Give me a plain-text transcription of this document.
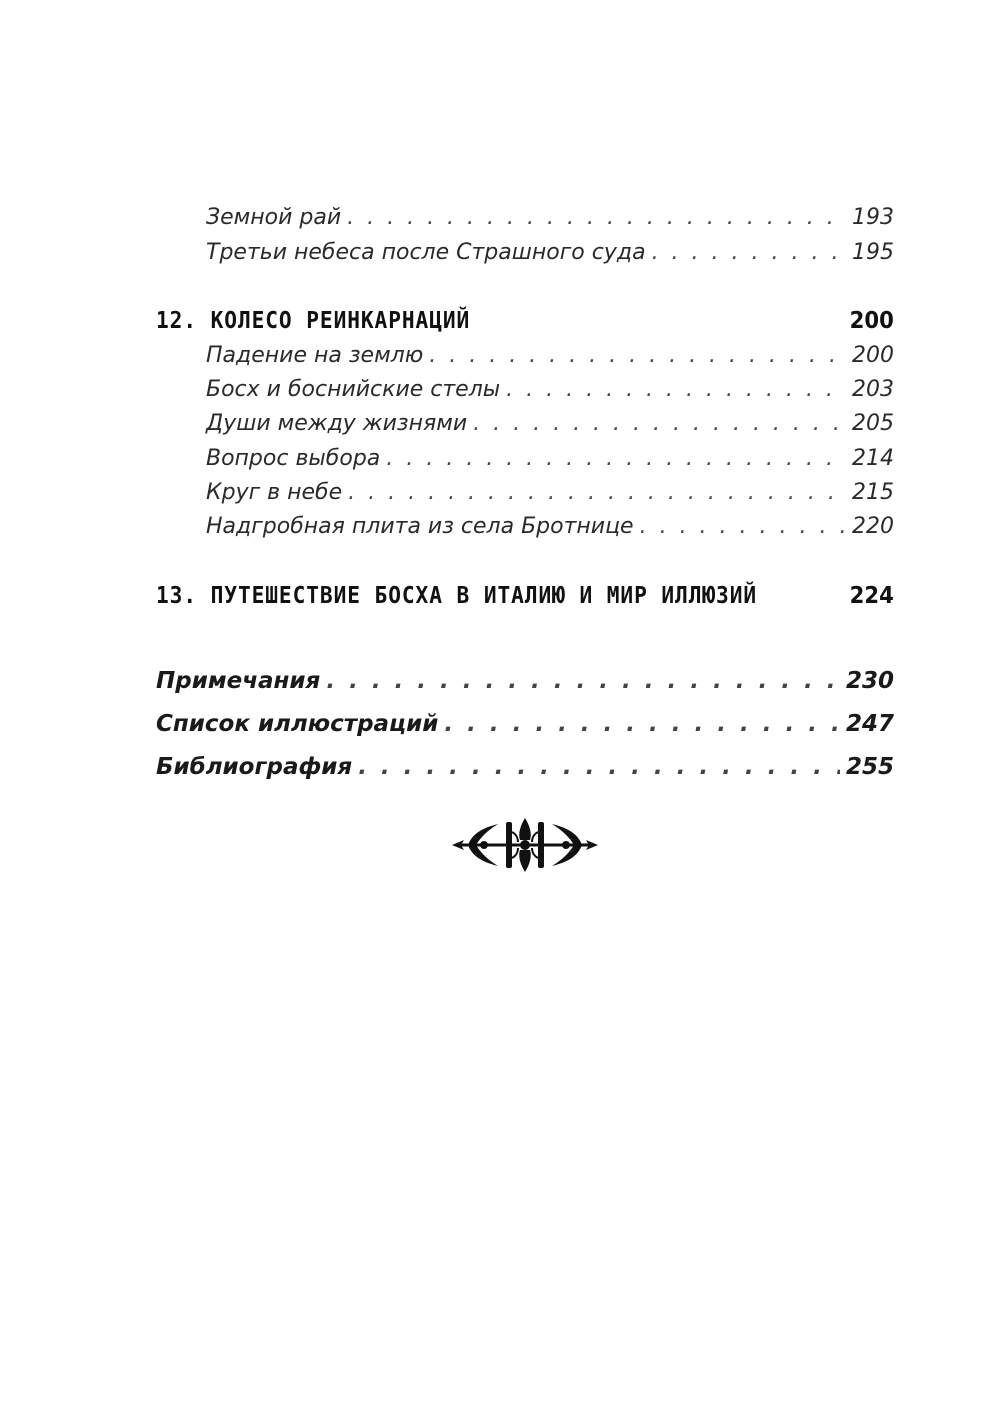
Земной рай . . .	193
Третьи небеса после Страшного суда . . .	195
12. КОЛЕСО РЕИНКАРНАЦИЙ	200
Падение на землю . . .	200
Босх и боснийские стелы . . .	203
Души между жизнями . . .	205
Вопрос выбора . . .	214
Круг в небе . . .	215
Надгробная плита из села Бротнице . . .	220
13. ПУТЕШЕСТВИЕ БОСХА В ИТАЛИЮ И МИР ИЛЛЮЗИЙ	224
Примечания . . .	230
Список иллюстраций . . .	247
Библиография . . .	255
